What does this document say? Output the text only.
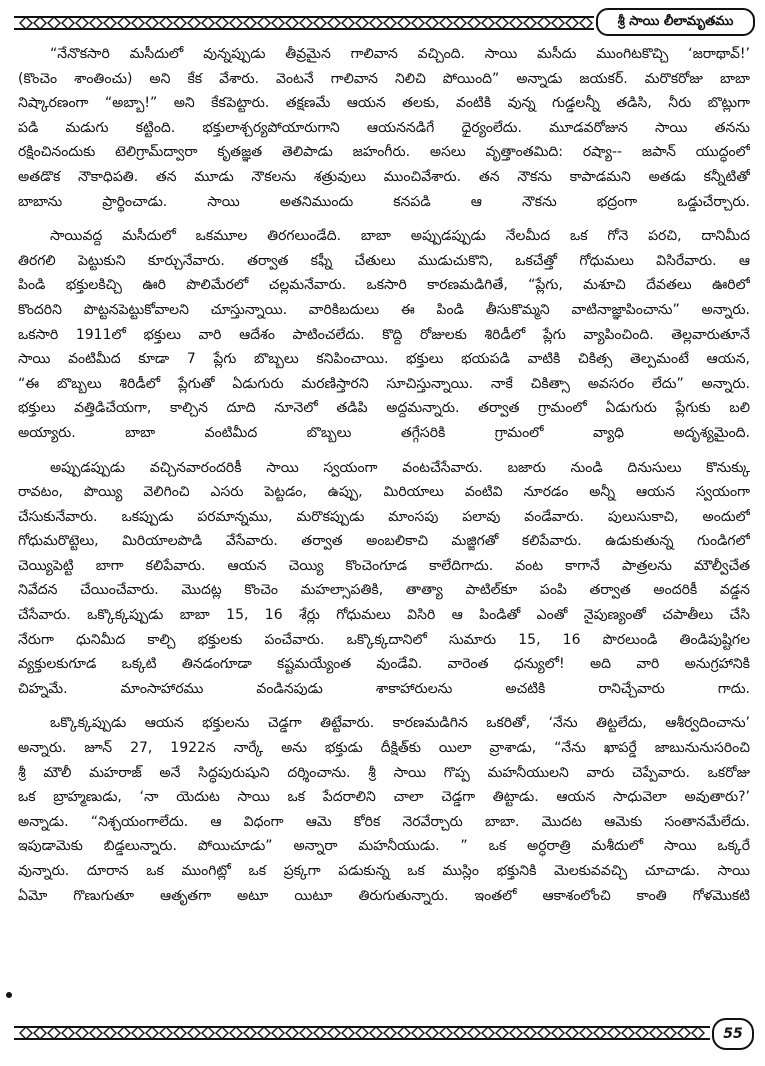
శ్రీ సాయి లీలామృతము
“నేనొకసారి మసీదులో వున్నప్పుడు తీవ్రమైన గాలివాన వచ్చింది. సాయి మసీదు ముంగిటకొచ్చి ‘జరాథావ్!’
(కొంచెం శాంతించు) అని కేక వేశారు. వెంటనే గాలివాన నిలిచి పోయింది” అన్నాడు జయకర్. మరొకరోజు బాబా
నిష్కారణంగా “అబ్బా!” అని కేకపెట్టారు. తక్షణమే ఆయన తలకు, వంటికి వున్న గుడ్డలన్నీ తడిసి, నీరు బొట్లుగా
పడి మడుగు కట్టింది. భక్తులాశ్చర్యపోయారుగాని ఆయననడిగే ధైర్యంలేదు. మూడవరోజున సాయి తనను
రక్షించినందుకు టెలిగ్రామ్‌ద్వారా కృతజ్ఞత తెలిపాడు జహంగీరు. అసలు వృత్తాంతమిది: రష్యా-- జపాన్ యుద్ధంలో
అతడొక నౌకాధిపతి. తన మూడు నౌకలను శత్రువులు ముంచివేశారు. తన నౌకను కాపాడమని అతడు కన్నీటితో
బాబాను ప్రార్థించాడు. సాయి అతనిముందు కనపడి ఆ నౌకను భద్రంగా ఒడ్డుచేర్చారు.
సాయివద్ద మసీదులో ఒకమూల తిరగలుండేది. బాబా అప్పుడప్పుడు నేలమీద ఒక గోనె పరచి, దానిమీద
తిరగలి పెట్టుకుని కూర్చునేవారు. తర్వాత కఫ్నీ చేతులు ముడుచుకొని, ఒకచేత్తో గోధుమలు విసిరేవారు. ఆ
పిండి భక్తులకిచ్చి ఊరి పొలిమేరలో చల్లమనేవారు. ఒకసారి కారణమడిగితే, “ప్లేగు, మశూచి దేవతలు ఊరిలో
కొందరిని పొట్టనపెట్టుకోవాలని చూస్తున్నాయి. వారికిబదులు ఈ పిండి తీసుకొమ్మని వాటినాజ్ఞాపించాను” అన్నారు.
ఒకసారి 1911లో భక్తులు వారి ఆదేశం పాటించలేదు. కొద్ది రోజులకు శిరిడీలో ప్లేగు వ్యాపించింది. తెల్లవారుతూనే
సాయి వంటిమీద కూడా 7 ప్లేగు బొబ్బలు కనిపించాయి. భక్తులు భయపడి వాటికి చికిత్స తెల్పమంటే ఆయన,
“ఈ బొబ్బలు శిరిడీలో ప్లేగుతో ఏడుగురు మరణిస్తారని సూచిస్తున్నాయి. నాకే చికిత్సా అవసరం లేదు” అన్నారు.
భక్తులు వత్తిడిచేయగా, కాల్చిన దూది నూనెలో తడిపి అద్దమన్నారు. తర్వాత గ్రామంలో ఏడుగురు ప్లేగుకు బలి
అయ్యారు. బాబా వంటిమీద బొబ్బలు తగ్గేసరికి గ్రామంలో వ్యాధి అదృశ్యమైంది.
అప్పుడప్పుడు వచ్చినవారందరికీ సాయి స్వయంగా వంటచేసేవారు. బజారు నుండి దినుసులు కొనుక్కు
రావటం, పొయ్యి వెలిగించి ఎసరు పెట్టడం, ఉప్పు, మిరియాలు వంటివి నూరడం అన్నీ ఆయన స్వయంగా
చేసుకునేవారు. ఒకప్పుడు పరమాన్నము, మరొకప్పుడు మాంసపు పలావు వండేవారు. పులుసుకాచి, అందులో
గోధుమరొట్టెలు, మిరియాలపొడి వేసేవారు. తర్వాత అంబలికాచి మజ్జిగతో కలిపేవారు. ఉడుకుతున్న గుండిగలో
చెయ్యిపెట్టి బాగా కలిపేవారు. ఆయన చెయ్యి కొంచెంగూడ కాలేదిగాదు. వంట కాగానే పాత్రలను మౌల్వీచేత
నివేదన చేయించేవారు. మొదట్ల కొంచెం మహల్సాపతికి, తాత్యా పాటిల్‌కూ పంపి తర్వాత అందరికీ వడ్డన
చేసేవారు. ఒక్కొక్కప్పుడు బాబా 15, 16 శేర్లు గోధుమలు విసిరి ఆ పిండితో ఎంతో నైపుణ్యంతో చపాతీలు చేసి
నేరుగా ధునిమీద కాల్చి భక్తులకు పంచేవారు. ఒక్కొక్కదానిలో సుమారు 15, 16 పొరలుండి తిండిపుష్టిగల
వ్యక్తులకుగూడ ఒక్కటి తినడంగూడా కష్టమయ్యేంత వుండేవి. వారెంత ధన్యులో! అది వారి అనుగ్రహానికి
చిహ్నమే. మాంసాహారము వండినపుడు శాకాహారులను అచటికి రానిచ్చేవారు గాదు.
ఒక్కొక్కప్పుడు ఆయన భక్తులను చెడ్డగా తిట్టేవారు. కారణమడిగిన ఒకరితో, ‘నేను తిట్టలేదు, ఆశీర్వదించాను’
అన్నారు. జూన్ 27, 1922న నార్కే అను భక్తుడు దీక్షిత్‌కు యిలా వ్రాశాడు, “నేను ఖాపర్డే జాబునునుసరించి
శ్రీ మౌలీ మహరాజ్ అనే సిద్ధపురుషుని దర్శించాను. శ్రీ సాయి గొప్ప మహనీయులని వారు చెప్పేవారు. ఒకరోజు
ఒక బ్రాహ్మణుడు, ‘నా యెదుట సాయి ఒక పేదరాలిని చాలా చెడ్డగా తిట్టాడు. ఆయన సాధువెలా అవుతారు?’
అన్నాడు. “నిశ్చయంగాలేదు. ఆ విధంగా ఆమె కోరిక నెరవేర్చారు బాబా. మొదట ఆమెకు సంతానమేలేదు.
ఇపుడామెకు బిడ్డలున్నారు. పోయిచూడు” అన్నారా మహనీయుడు. ” ఒక అర్ధరాత్రి మశీదులో సాయి ఒక్కరే
వున్నారు. దూరాన ఒక ముంగిట్లో ఒక ప్రక్కగా పడుకున్న ఒక ముస్లిం భక్తునికి మెలకువవచ్చి చూచాడు. సాయి
ఏమో గొణుగుతూ ఆతృతగా అటూ యిటూ తిరుగుతున్నారు. ఇంతలో ఆకాశంలోంచి కాంతి గోళమొకటి
55
